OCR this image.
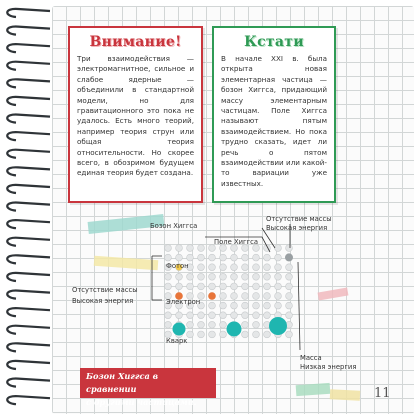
Внимание!
Три взаимодействия — электромагнитное, сильное и слабое ядерные — объединили в стандартной модели, но для гравитационного это пока не удалось. Есть много теорий, например теория струн или общая теория относительности. Но скорее всего, в обозримом будущем единая теория будет создана.
Кстати
В начале XXI в. была открыта новая элементарная частица — бозон Хиггса, придающий массу элементарным частицам. Поле Хиггса называют пятым взаимодействием. Но пока трудно сказать, идет ли речь о пятом взаимодействии или какой-то вариации уже известных.
Бозон Хиггса
Поле Хиггса
Отсутствие массы
Высокая энергия
Фотон
Электрон
Кварк
Отсутствие массы
Высокая энергия
Масса
Низкая энергия
Бозон Хиггса в сравнении
с другими частицами.
11
